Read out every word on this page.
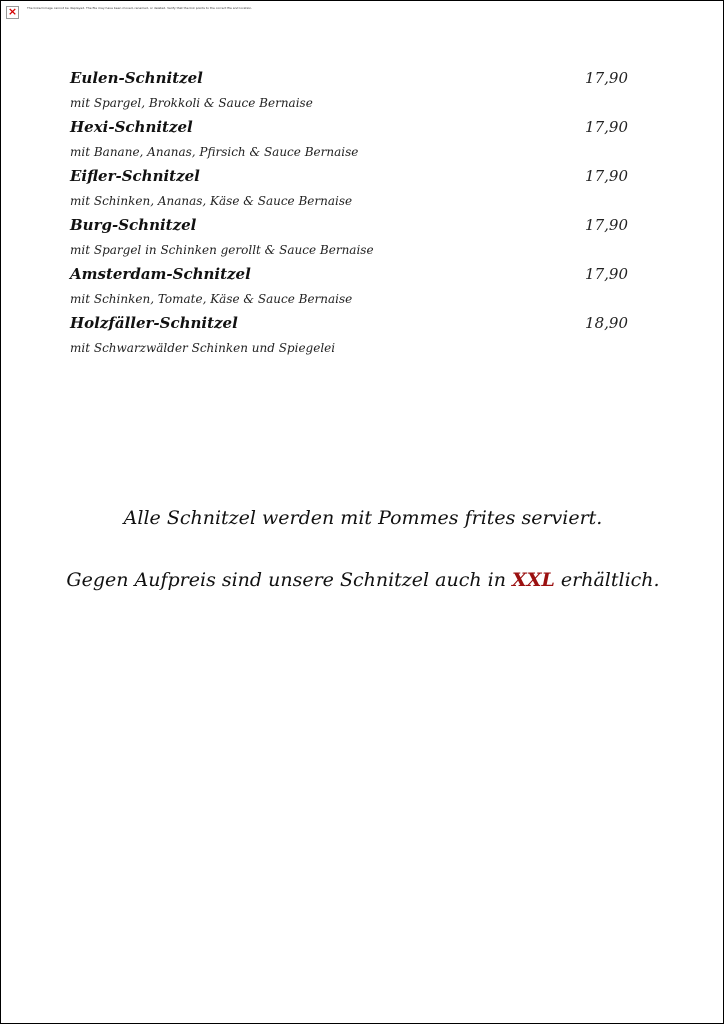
×	The linked image cannot be displayed. The file may have been moved, renamed, or deleted. Verify that the link points to the correct file and location.
Eulen-Schnitzel	17,90
mit Spargel, Brokkoli & Sauce Bernaise
Hexi-Schnitzel	17,90
mit Banane, Ananas, Pfirsich & Sauce Bernaise
Eifler-Schnitzel	17,90
mit Schinken, Ananas, Käse & Sauce Bernaise
Burg-Schnitzel	17,90
mit Spargel in Schinken gerollt & Sauce Bernaise
Amsterdam-Schnitzel	17,90
mit Schinken, Tomate, Käse & Sauce Bernaise
Holzfäller-Schnitzel	18,90
mit Schwarzwälder Schinken und Spiegelei
Alle Schnitzel werden mit Pommes frites serviert.
Gegen Aufpreis sind unsere Schnitzel auch in XXL erhältlich.
